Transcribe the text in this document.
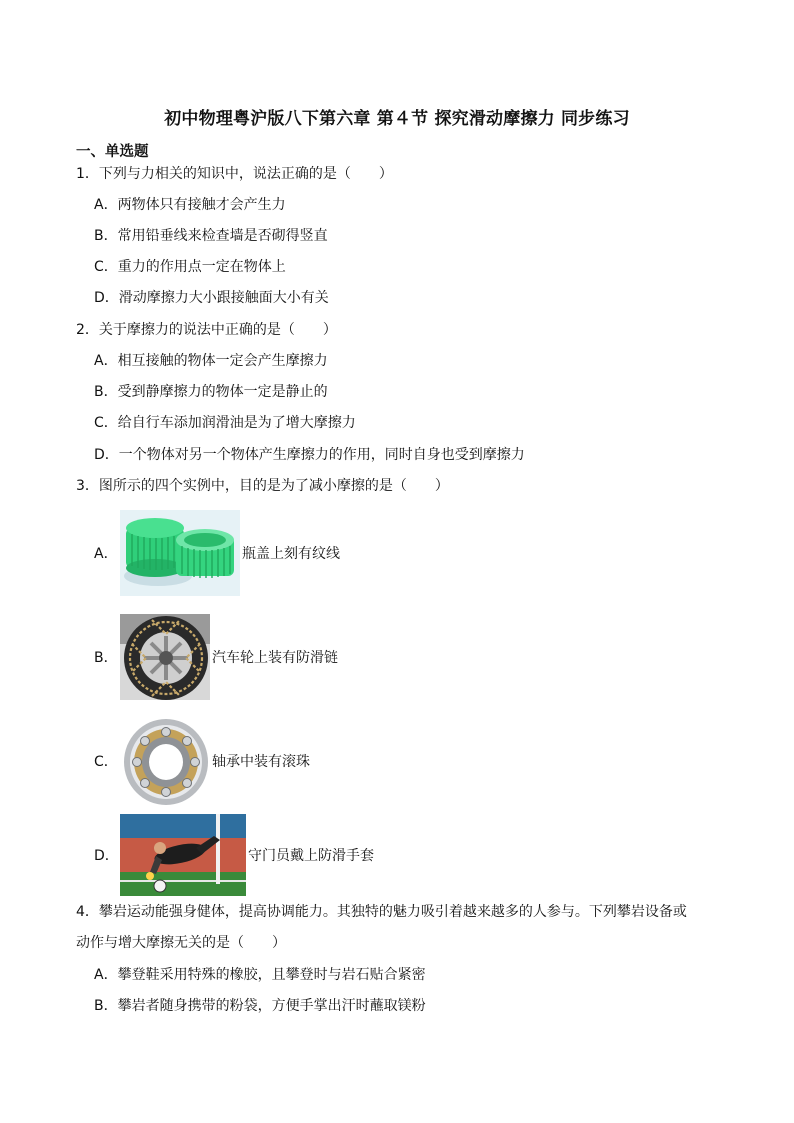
初中物理粤沪版八下第六章 第４节 探究滑动摩擦力 同步练习
一、单选题
1．下列与力相关的知识中，说法正确的是（　　）
A．两物体只有接触才会产生力
B．常用铅垂线来检查墙是否砌得竖直
C．重力的作用点一定在物体上
D．滑动摩擦力大小跟接触面大小有关
2．关于摩擦力的说法中正确的是（　　）
A．相互接触的物体一定会产生摩擦力
B．受到静摩擦力的物体一定是静止的
C．给自行车添加润滑油是为了增大摩擦力
D．一个物体对另一个物体产生摩擦力的作用，同时自身也受到摩擦力
3．图所示的四个实例中，目的是为了减小摩擦的是（　　）
A．	瓶盖上刻有纹线
B．	汽车轮上装有防滑链
C．	轴承中装有滚珠
D．	守门员戴上防滑手套
4．攀岩运动能强身健体，提高协调能力。其独特的魅力吸引着越来越多的人参与。下列攀岩设备或
动作与增大摩擦无关的是（　　）
A．攀登鞋采用特殊的橡胶，且攀登时与岩石贴合紧密
B．攀岩者随身携带的粉袋，方便手掌出汗时蘸取镁粉
